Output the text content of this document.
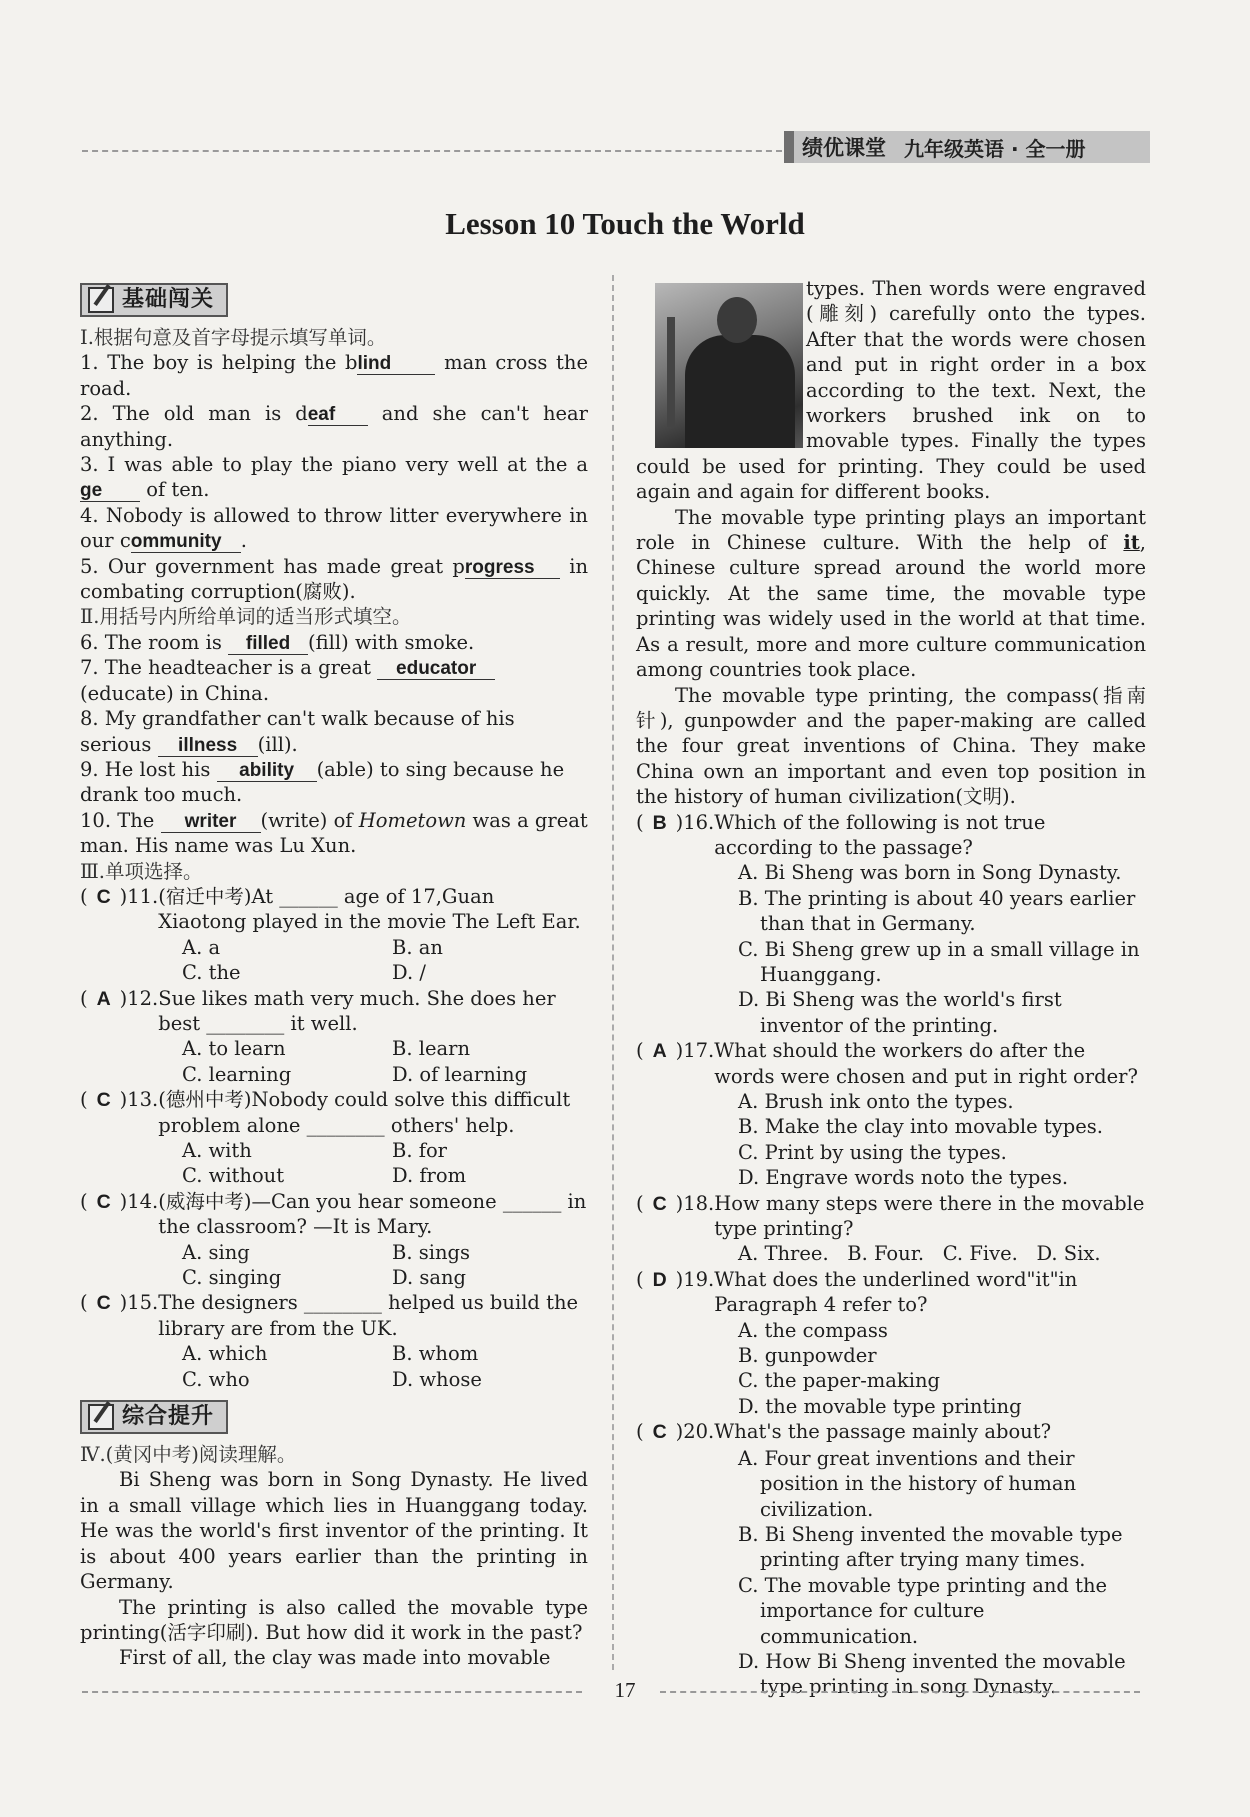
绩优课堂 九年级英语 · 全一册
Lesson 10 Touch the World
基础闯关

Ⅰ.根据句意及首字母提示填写单词。

1. The boy is helping the blind	man cross the road.

2. The old man is deaf and she can't hear anything.

3. I was able to play the piano very well at the age of ten.

4. Nobody is allowed to throw litter everywhere in our community .

5. Our government has made great progress in combating corruption(腐败).

Ⅱ.用括号内所给单词的适当形式填空。

6. The room is filled (fill) with smoke.

7. The headteacher is a great educator(educate) in China.

8. My grandfather can't walk because of his serious illness (ill).

9. He lost his ability (able) to sing because he drank too much.

10. The writer (write) of Hometown was a great man. His name was Lu Xun.

Ⅲ.单项选择。

( C )11. (宿迁中考)At ______ age of 17,Guan Xiaotong played in the movie The Left Ear.
A. a	B. an
C. the	D. /
( A )12. Sue likes math very much. She does her best ________ it well.
A. to learn	B. learn
C. learning	D. of learning
( C )13. (德州中考)Nobody could solve this difficult problem alone ________ others' help.
A. with	B. for
C. without	D. from
( C )14. (威海中考)—Can you hear someone ______ in the classroom? —It is Mary.
A. sing	B. sings
C. singing	D. sang
( C )15. The designers ________ helped us build the library are from the UK.
A. which	B. whom
C. who	D. whose
综合提升

Ⅳ.(黄冈中考)阅读理解。

Bi Sheng was born in Song Dynasty. He lived in a small village which lies in Huanggang today. He was the world's first inventor of the printing. It is about 400 years earlier than the printing in Germany.

The printing is also called the movable type printing(活字印刷). But how did it work in the past?

First of all, the clay was made into movable

types. Then words were engraved (雕刻) carefully onto the types. After that the words were chosen and put in right order in a box according to the text. Next, the workers brushed ink on to movable types. Finally the types could be used for printing. They could be used again and again for different books.

The movable type printing plays an important role in Chinese culture. With the help of it, Chinese culture spread around the world more quickly. At the same time, the movable type printing was widely used in the world at that time. As a result, more and more culture communication among countries took place.

The movable type printing, the compass(指南针), gunpowder and the paper-making are called the four great inventions of China. They make China own an important and even top position in the history of human civilization(文明).

( B )16. Which of the following is not true according to the passage?
A. Bi Sheng was born in Song Dynasty.
B. The printing is about 40 years earlier than that in Germany.
C. Bi Sheng grew up in a small village in Huanggang.
D. Bi Sheng was the world's first inventor of the printing.
( A )17. What should the workers do after the words were chosen and put in right order?
A. Brush ink onto the types.
B. Make the clay into movable types.
C. Print by using the types.
D. Engrave words noto the types.
( C )18. How many steps were there in the movable type printing?
A. Three.   B. Four.   C. Five.   D. Six.
( D )19. What does the underlined word"it"in Paragraph 4 refer to?
A. the compass
B. gunpowder
C. the paper-making
D. the movable type printing
( C )20. What's the passage mainly about?
A. Four great inventions and their position in the history of human civilization.
B. Bi Sheng invented the movable type printing after trying many times.
C. The movable type printing and the importance for culture communication.
D. How Bi Sheng invented the movable type printing in song Dynasty.
17
